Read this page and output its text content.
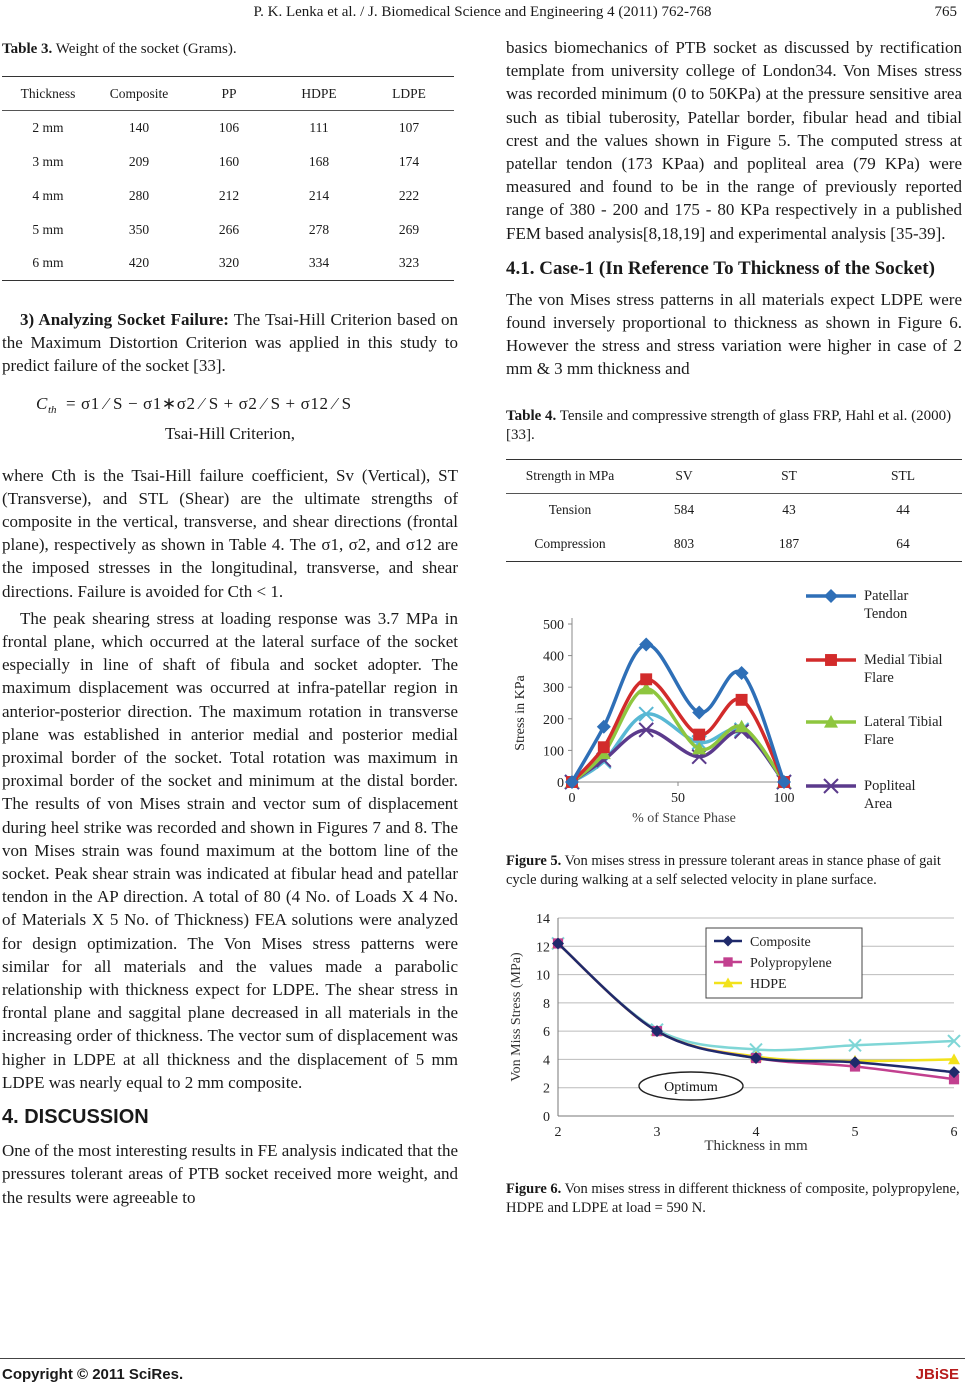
P. K. Lenka et al. / J. Biomedical Science and Engineering 4 (2011) 762-768	765
Table 3. Weight of the socket (Grams).
Thickness	Composite	PP	HDPE	LDPE
2 mm	140	106	111	107
3 mm	209	160	168	174
4 mm	280	212	214	222
5 mm	350	266	278	269
6 mm	420	320	334	323

3) Analyzing Socket Failure: The Tsai-Hill Criterion based on the Maximum Distortion Criterion was applied in this study to predict failure of the socket [33].

C th = σ1 ⁄ S − σ1∗σ2 ⁄ S + σ2 ⁄ S + σ12 ⁄ S
Tsai-Hill Criterion,

where Cth is the Tsai-Hill failure coefficient, Sv (Vertical), ST (Transverse), and STL (Shear) are the ultimate strengths of composite in the vertical, transverse, and shear directions (frontal plane), respectively as shown in Table 4. The σ1, σ2, and σ12 are the imposed stresses in the longitudinal, transverse, and shear directions. Failure is avoided for Cth < 1.

The peak shearing stress at loading response was 3.7 MPa in frontal plane, which occurred at the lateral surface of the socket especially in line of shaft of fibula and socket adopter. The maximum displacement was occurred at infra-patellar region in anterior-posterior direction. The maximum rotation in transverse plane was established in anterior medial and posterior medial proximal border of the socket. Total rotation was maximum in proximal border of the socket and minimum at the distal border. The results of von Mises strain and vector sum of displacement during heel strike was recorded and shown in Figures 7 and 8. The von Mises strain was found maximum at the bottom line of the socket. Peak shear strain was indicated at fibular head and patellar tendon in the AP direction. A total of 80 (4 No. of Loads X 4 No. of Materials X 5 No. of Thickness) FEA solutions were analyzed for design optimization. The Von Mises stress patterns were similar for all materials and the values made a parabolic relationship with thickness expect for LDPE. The shear stress in frontal plane and saggital plane decreased in all materials in the increasing order of thickness. The vector sum of displacement was higher in LDPE at all thickness and the displacement of 5 mm LDPE was nearly equal to 2 mm composite.

4. DISCUSSION

One of the most interesting results in FE analysis indicated that the pressures tolerant areas of PTB socket received more weight, and the results were agreeable to

basics biomechanics of PTB socket as discussed by rectification template from university college of London34. Von Mises stress was recorded minimum (0 to 50KPa) at the pressure sensitive area such as tibial tuberosity, Patellar border, fibular head and tibial crest and the values shown in Figure 5. The computed stress at patellar tendon (173 KPaa) and popliteal area (79 KPa) were measured and found to be in the range of previously reported range of 380 - 200 and 175 - 80 KPa respectively in a published FEM based analysis[8,18,19] and experimental analysis [35-39].

4.1. Case-1 (In Reference To Thickness of the Socket)

The von Mises stress patterns in all materials expect LDPE were found inversely proportional to thickness as shown in Figure 6. However the stress and stress variation were higher in case of 2 mm & 3 mm thickness and

Table 4. Tensile and compressive strength of glass FRP, Hahl et al. (2000) [33].
Strength in MPa	SV	ST	STL
Tension	584	43	44
Compression	803	187	64
0
100
200
300
400
500
0	50	100
% of Stance Phase
Stress in KPa
Patellar Tendon
Medial Tibial Flare
Lateral Tibial Flare
Popliteal Area
Figure 5. Von mises stress in pressure tolerant areas in stance phase of gait cycle during walking at a self selected velocity in plane surface.
0
2
4
6
8
10
12
14
2	3	4	5	6
Thickness in mm
Von Miss Stress (MPa)
Optimum
Composite
Polypropylene
HDPE
Figure 6. Von mises stress in different thickness of composite, polypropylene, HDPE and LDPE at load = 590 N.
Copyright © 2011 SciRes.	JBiSE
